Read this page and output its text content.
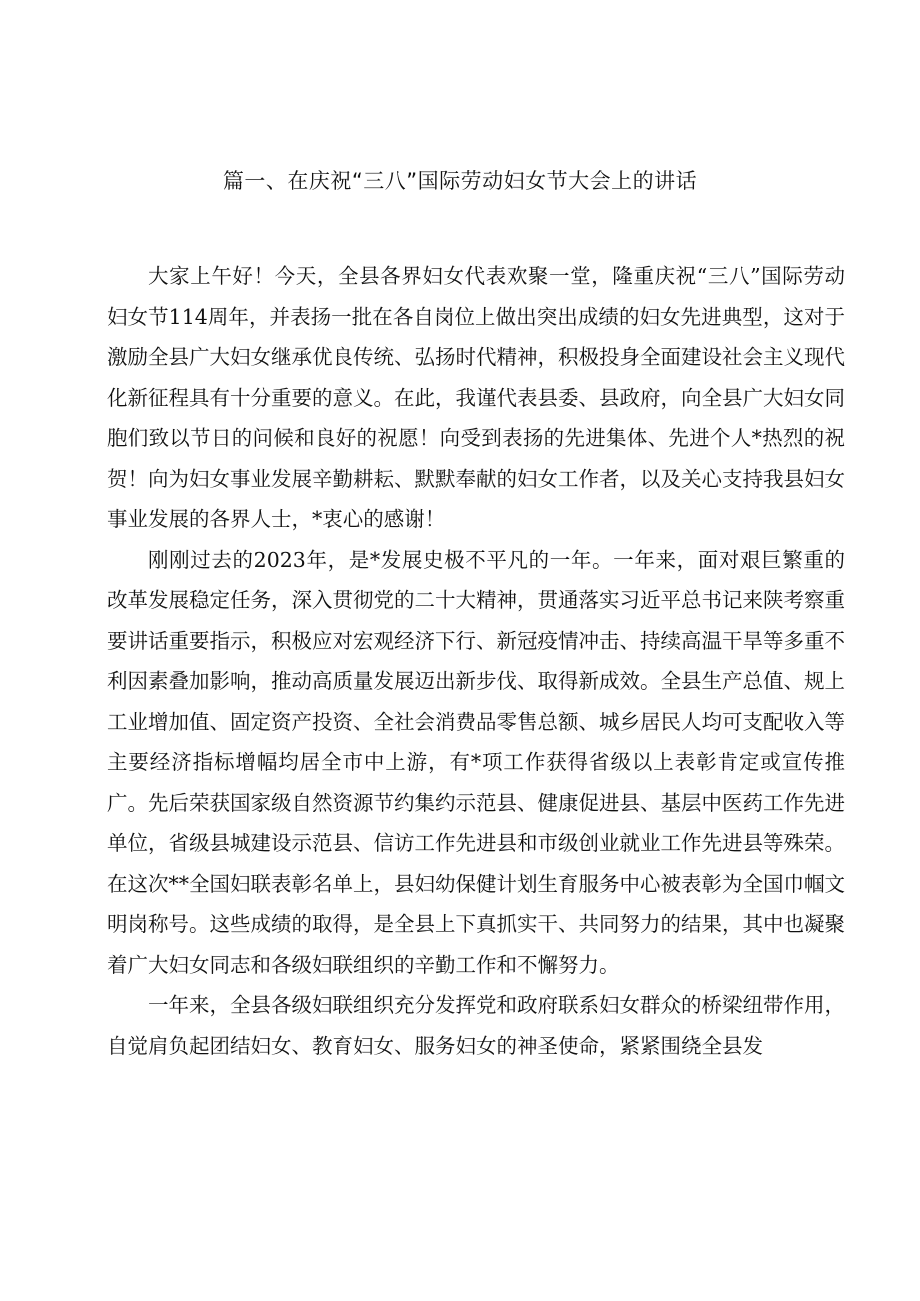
篇一、在庆祝“三八”国际劳动妇女节大会上的讲话

大家上午好！今天，全县各界妇女代表欢聚一堂，隆重庆祝“三八”国际劳动妇女节114周年，并表扬一批在各自岗位上做出突出成绩的妇女先进典型，这对于激励全县广大妇女继承优良传统、弘扬时代精神，积极投身全面建设社会主义现代化新征程具有十分重要的意义。在此，我谨代表县委、县政府，向全县广大妇女同胞们致以节日的问候和良好的祝愿！向受到表扬的先进集体、先进个人*热烈的祝贺！向为妇女事业发展辛勤耕耘、默默奉献的妇女工作者，以及关心支持我县妇女事业发展的各界人士，*衷心的感谢！

刚刚过去的2023年，是*发展史极不平凡的一年。一年来，面对艰巨繁重的改革发展稳定任务，深入贯彻党的二十大精神，贯通落实习近平总书记来陕考察重要讲话重要指示，积极应对宏观经济下行、新冠疫情冲击、持续高温干旱等多重不利因素叠加影响，推动高质量发展迈出新步伐、取得新成效。全县生产总值、规上工业增加值、固定资产投资、全社会消费品零售总额、城乡居民人均可支配收入等主要经济指标增幅均居全市中上游，有*项工作获得省级以上表彰肯定或宣传推广。先后荣获国家级自然资源节约集约示范县、健康促进县、基层中医药工作先进单位，省级县城建设示范县、信访工作先进县和市级创业就业工作先进县等殊荣。在这次**全国妇联表彰名单上，县妇幼保健计划生育服务中心被表彰为全国巾帼文明岗称号。这些成绩的取得，是全县上下真抓实干、共同努力的结果，其中也凝聚着广大妇女同志和各级妇联组织的辛勤工作和不懈努力。

一年来，全县各级妇联组织充分发挥党和政府联系妇女群众的桥梁纽带作用，自觉肩负起团结妇女、教育妇女、服务妇女的神圣使命，紧紧围绕全县发
